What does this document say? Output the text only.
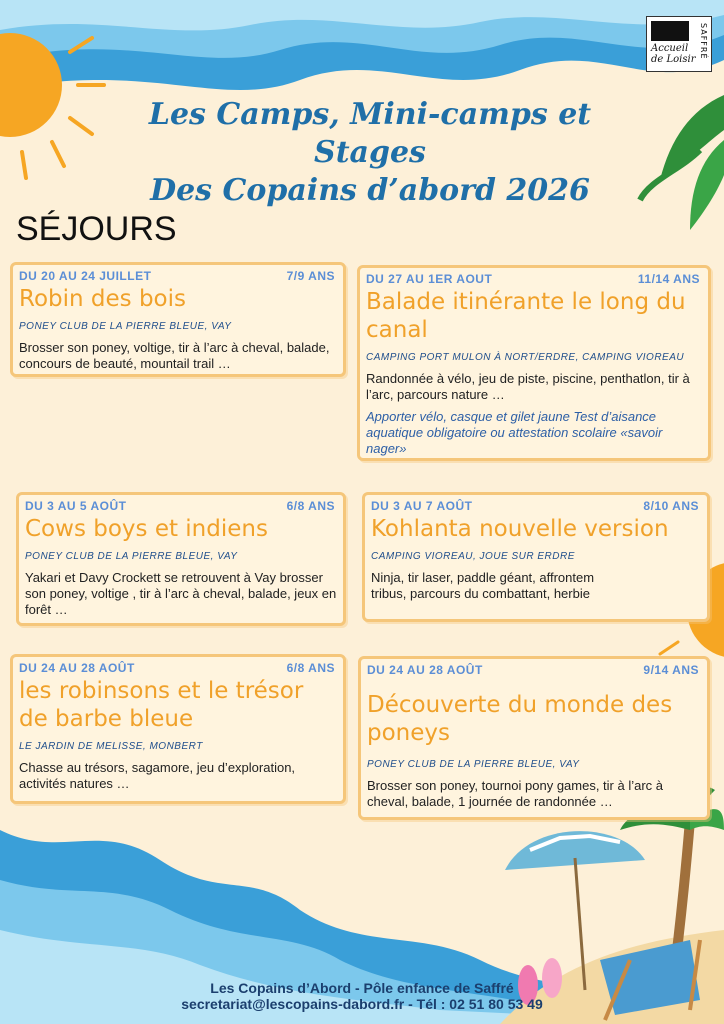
Accueil
de Loisir SAFFRÉ
Les Camps, Mini-camps et Stages
Des Copains d’abord 2026
SÉJOURS
DU 20 AU 24 JUILLET	7/9 ANS
Robin des bois
PONEY CLUB DE LA PIERRE BLEUE, VAY
Brosser son poney, voltige, tir à l’arc à cheval, balade, concours de beauté, mountail trail …
DU 27 AU 1ER AOUT	11/14 ANS
Balade itinérante le long du canal
CAMPING PORT MULON À NORT/ERDRE, CAMPING VIOREAU
Randonnée à vélo, jeu de piste, piscine, penthatlon, tir à l’arc, parcours nature …
Apporter vélo, casque et gilet jaune Test d’aisance aquatique obligatoire ou attestation scolaire «savoir nager»
DU 3 AU 5 AOÛT	6/8 ANS
Cows boys et indiens
PONEY CLUB DE LA PIERRE BLEUE, VAY
Yakari et Davy Crockett se retrouvent à Vay brosser son poney, voltige , tir à l’arc à cheval, balade, jeux en forêt …
DU 3 AU 7 AOÛT	8/10 ANS
Kohlanta nouvelle version
CAMPING VIOREAU, JOUE SUR ERDRE
Ninja, tir laser, paddle géant, affrontem tribus, parcours du combattant, herbie
DU 24 AU 28 AOÛT	6/8 ANS
les robinsons et le trésor de barbe bleue
LE JARDIN DE MELISSE, MONBERT
Chasse au trésors, sagamore, jeu d’exploration, activités natures …
DU 24 AU 28 AOÛT	9/14 ANS
Découverte du monde des poneys
PONEY CLUB DE LA PIERRE BLEUE, VAY
Brosser son poney, tournoi pony games, tir à l’arc à cheval, balade, 1 journée de randonnée …
Les Copains d’Abord - Pôle enfance de Saffré
secretariat@lescopains-dabord.fr - Tél : 02 51 80 53 49
